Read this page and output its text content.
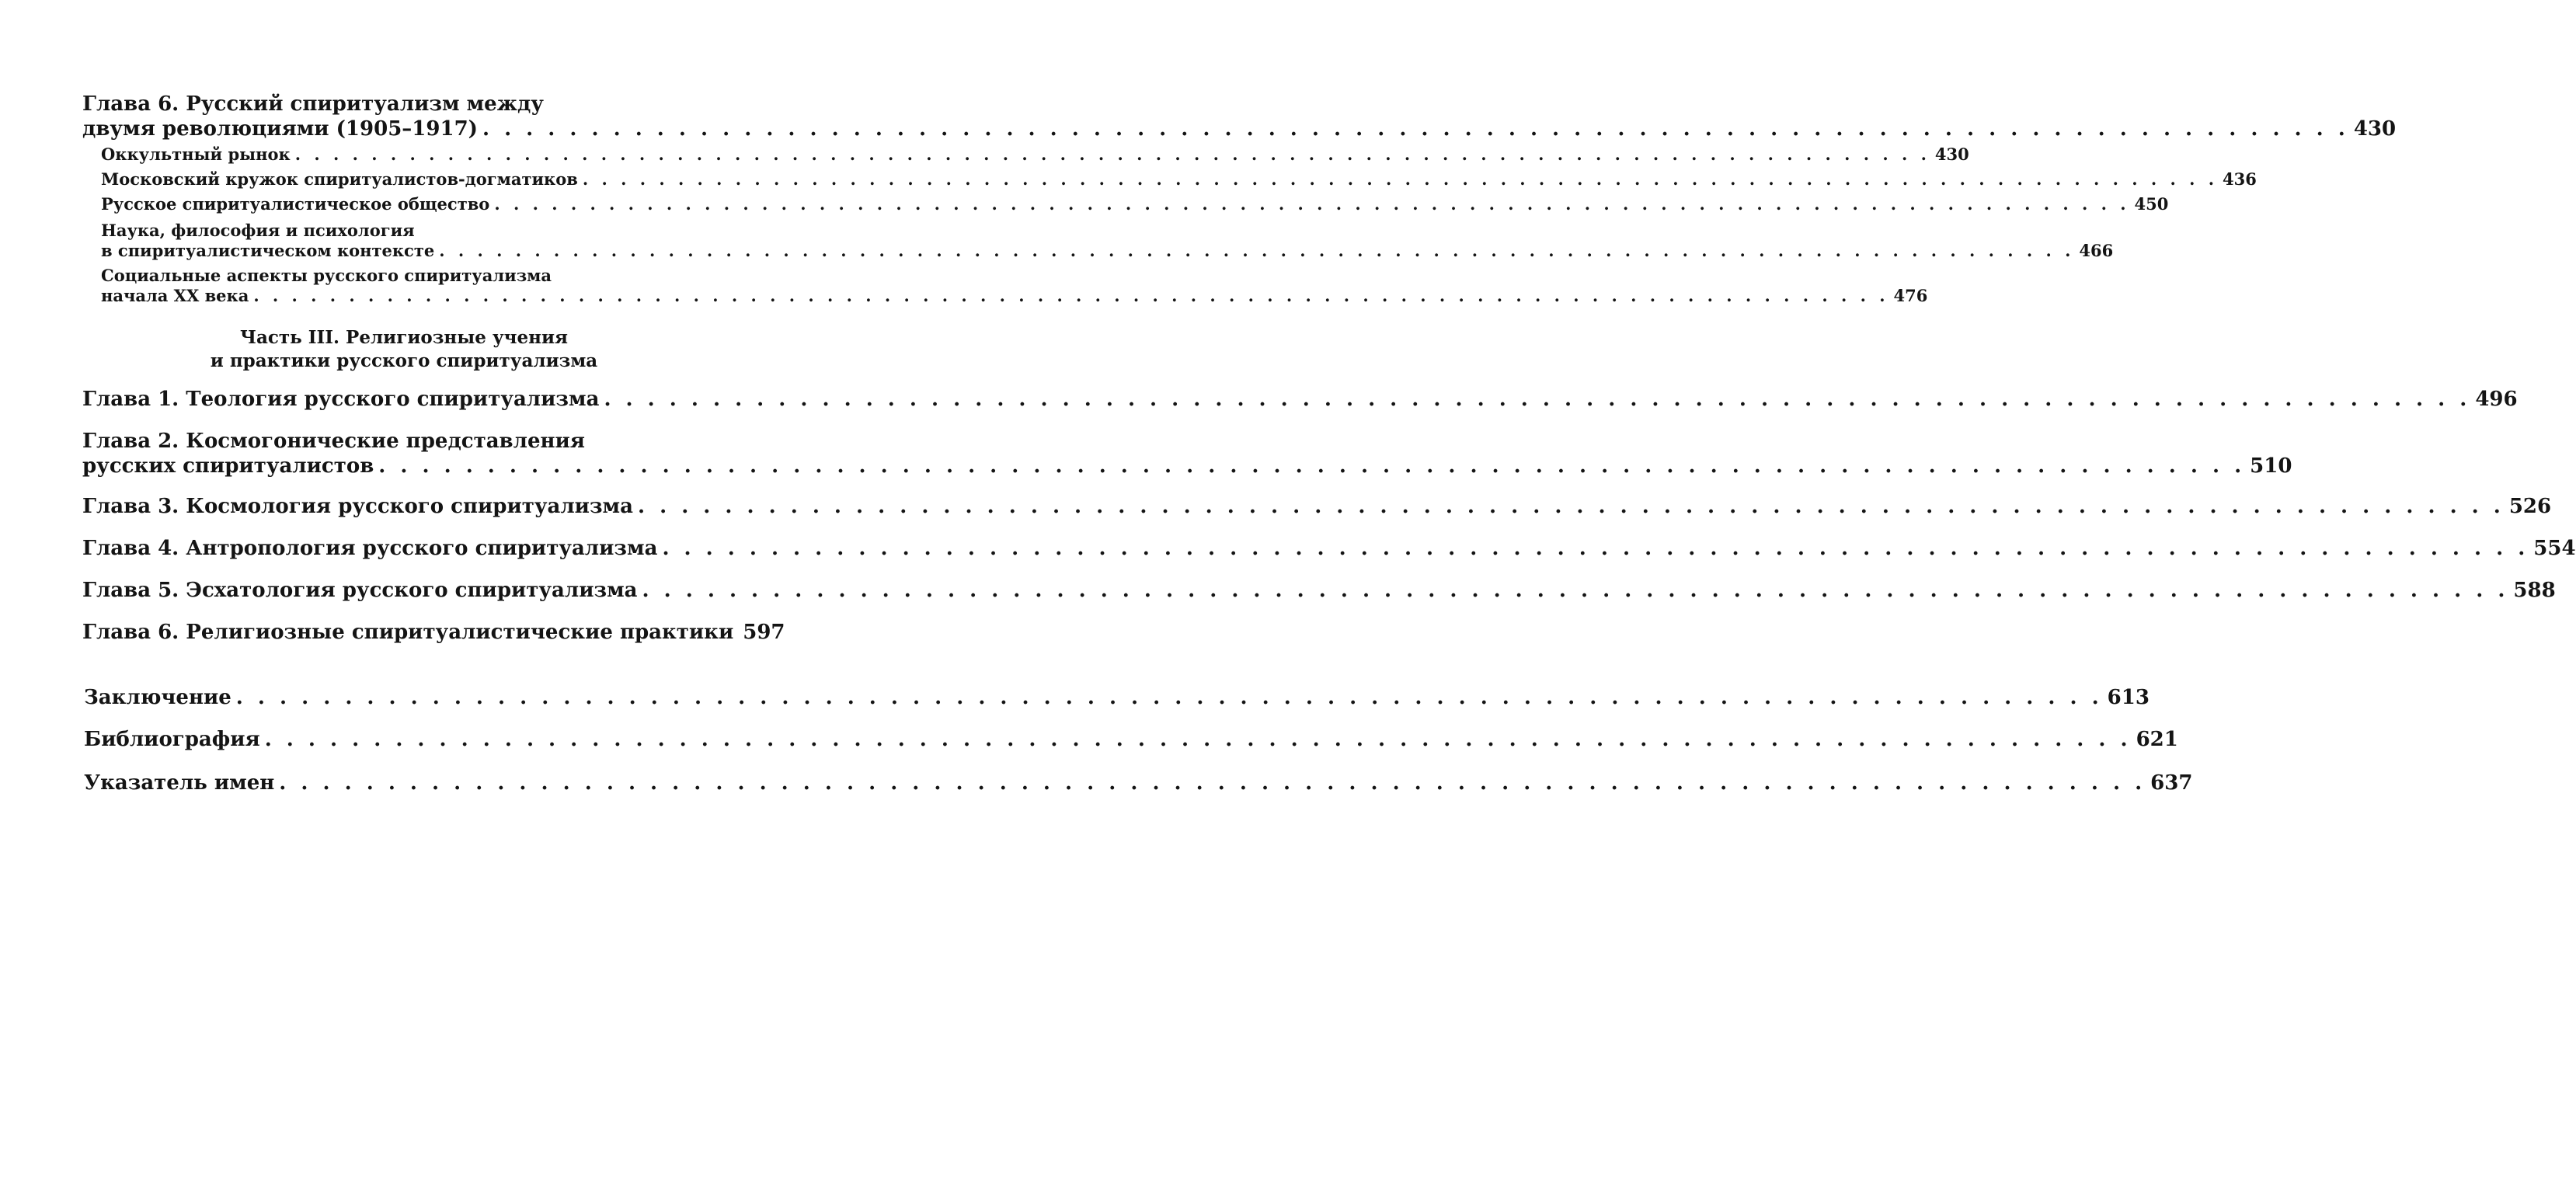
Глава 6. Русский спиритуализм между
двумя революциями (1905–1917) . . .	430
Оккультный рынок . . .	430
Московский кружок спиритуалистов-догматиков . . .	436
Русское спиритуалистическое общество . . .	450
Наука, философия и психология
в спиритуалистическом контексте . . .	466
Социальные аспекты русского спиритуализма
начала XX века . . .	476
Часть III. Религиозные учения
и практики русского спиритуализма
Глава 1. Теология русского спиритуализма . . .	496
Глава 2. Космогонические представления
русских спиритуалистов . . .	510
Глава 3. Космология русского спиритуализма . . .	526
Глава 4. Антропология русского спиритуализма . . .	554
Глава 5. Эсхатология русского спиритуализма . . .	588
Глава 6. Религиозные спиритуалистические практики 597
Заключение . . .	613
Библиография . . .	621
Указатель имен . . .	637
